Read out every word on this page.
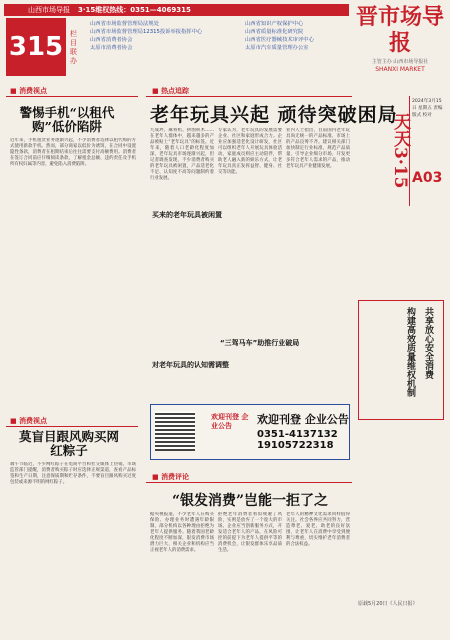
山西市场导报 3·15维权热线：0351—4069315
315 栏目联办
山西省市场监督管理局法规处
山西省市场监督管理局12315投诉举报指挥中心
山西省消费者协会
太原市消费者协会
山西省知识产权保护中心
山西省质量标准化研究院
山西省医疗器械技术审评中心
太原市汽车质量管理办公室
晋市场导报
主管主办 山西市场导报社
SHANXI MARKET
天天3·15
2024年3月15日 星期五 责编 版式 校对
A03
共享放心安全消费
构建高效质量维权机制
■ 消费视点
■	热点追踪
■ 消费视点
■ 消费评论
警惕手机“以租代购”低价陷阱
老年玩具兴起 顽待突破困局
莫盲目跟风购买网红粽子
“银发消费”岂能一拒了之
近年来，手机租赁业务逐渐兴起，不少消费者选择以租代购的方式使用新款手机。然而，部分商家以低价为诱饵，在合同中设置隐性条款，消费者在租期结束后往往需要支付高额费用。消费者在签订合同前应仔细阅读条款，了解租金总额、违约责任及手机所有权归属等内容，避免陷入消费陷阱。
九成坪、麻将机、拼图积木……在老年人群体中，越来越多的产品被贴上“老年玩具”的标签。近年来，随着人口老龄化程度加深，老年玩具市场逐渐兴起，但记者调查发现，不少消费者购买的老年玩具被闲置，产品适老化不足、认知度不高等问题制约着行业发展。
买来的老年玩具被闲置
专家认为，老年玩具的发展需要企业、社区和家庭形成合力。企业应加强适老化设计研发，社区可以组织老年人开展玩具体验活动，家庭成员则应主动陪伴，帮助老人融入新的娱乐方式，让老年玩具真正发挥益智、健身、社交等功能。
“三驾马车”助推行业破局
业内人士指出，目前国内老年玩具尚无统一的产品标准，市场上的产品良莠不齐。建议相关部门加快制定行业标准，规范产品质量，引导企业细分市场，开发更多符合老年人需求的产品，推动老年玩具产业健康发展。
对老年玩具的认知需调整
欢迎刊登 企业公告	欢迎刊登 企业公告
0351-4137132 19105722318
端午节临近，不少网红粽子在电商平台和社交媒体上热销。市场监管部门提醒，消费者购买粽子时应选择正规渠道，查看产品标签和生产日期，注意保质期和贮存条件，不要盲目跟风购买过度包装或来源不明的网红粽子。
据央视报道，不少老年人在购买保险、办理业务时遭遇年龄限制，部分机构以各种理由拒绝为老年人提供服务。随着我国老龄化程度不断加深，银发消费市场潜力巨大，相关企业和机构应当正视老年人的消费需求。
拒绝老年消费者看似规避了风险，实则是放弃了一个庞大的市场。企业应当创新服务方式，开发适合老年人的产品，在风险可控的前提下为老年人提供平等的消费机会，让银发群体乐享品质生活。
老年人的精神文化需求同样值得关注。社会各界应共同努力，营造尊老、爱老、助老的良好氛围，让老年人在消费中享受到便利与尊重，切实维护老年消费者的合法权益。
原载5月20日《人民日报》
